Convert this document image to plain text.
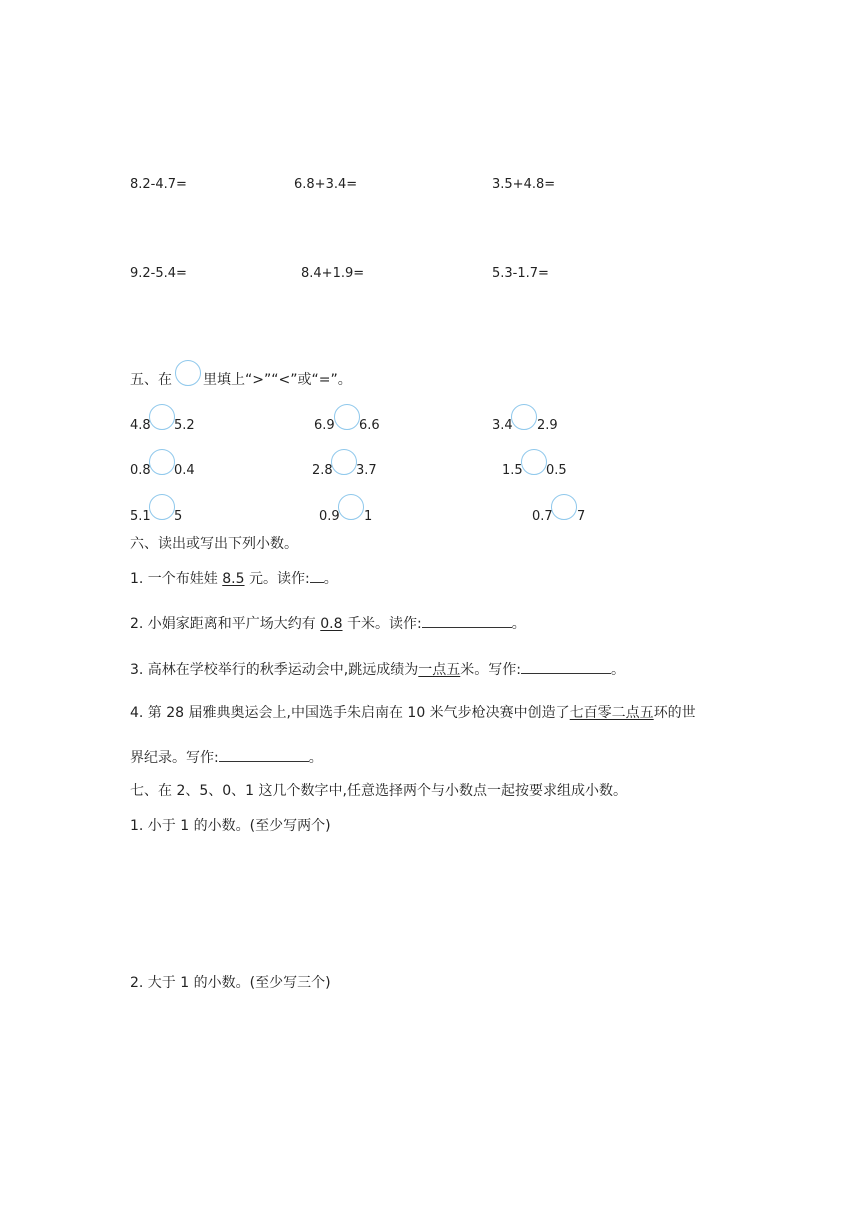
8.2-4.7=	6.8+3.4=	3.5+4.8=
9.2-5.4=	8.4+1.9=	5.3-1.7=
五、在 里填上“>”“<”或“=”。
4.8 5.2	6.9 6.6	3.4 2.9
0.8 0.4	2.8 3.7	1.5 0.5
5.1 5	0.9 1	0.7 7
六、读出或写出下列小数。
1. 一个布娃娃 8.5 元。读作: 。
2. 小娟家距离和平广场大约有 0.8 千米。读作:	。
3. 高林在学校举行的秋季运动会中,跳远成绩为一点五米。写作:	。
4. 第 28 届雅典奥运会上,中国选手朱启南在 10 米气步枪决赛中创造了七百零二点五环的世
界纪录。写作:	。
七、在 2、5、0、1 这几个数字中,任意选择两个与小数点一起按要求组成小数。
1. 小于 1 的小数。(至少写两个)
2. 大于 1 的小数。(至少写三个)
